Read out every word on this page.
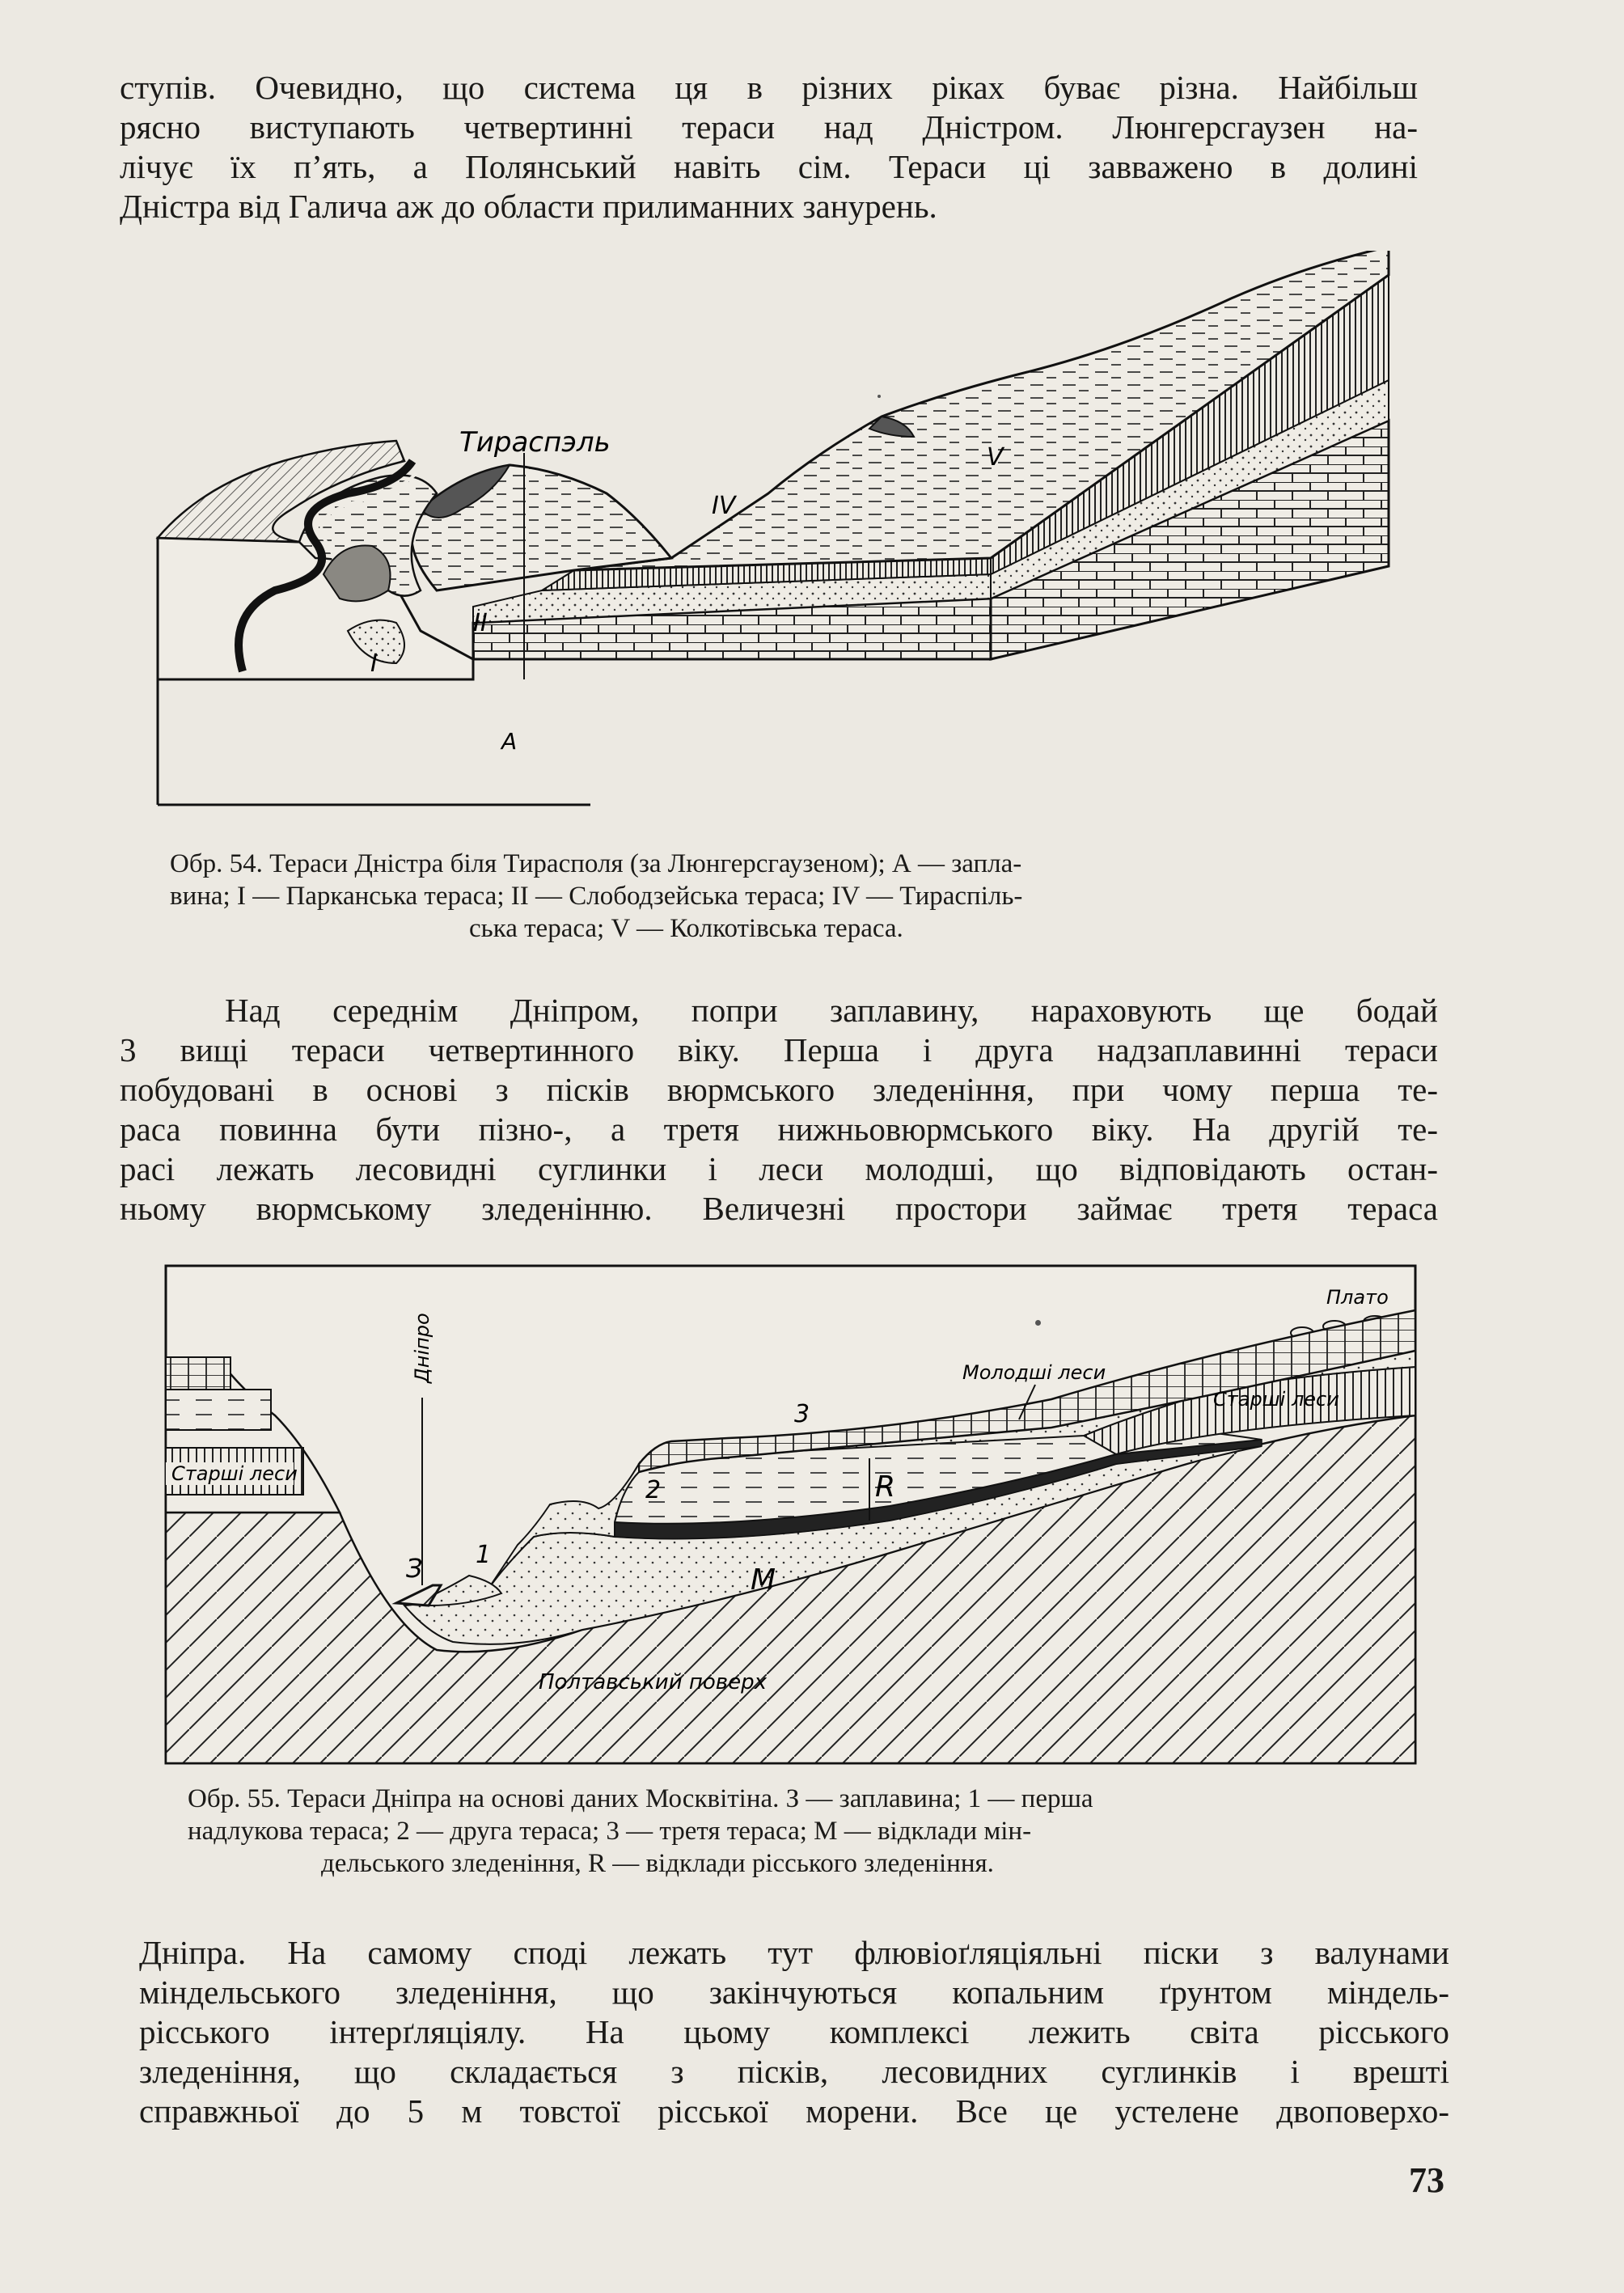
ступів. Очевидно, що система ця в різних ріках буває різна. Найбільш
рясно виступають четвертинні тераси над Дністром. Люнгерсгаузен на-
лічує їх п’ять, а Полянський навіть сім. Тераси ці завважено в долині
Дністра від Галича аж до области прилиманних занурень.
Тираспэль	V
IV
II
I
A

Обр. 54. Тераси Дністра біля Тирасполя (за Люнгерсгаузеном); А — запла-
вина; I — Парканська тераса; II — Слободзейська тераса; IV — Тираспіль-
ська тераса; V — Колкотівська тераса.

Над середнім Дніпром, попри заплавину, нараховують ще бодай
3 вищі тераси четвертинного віку. Перша і друга надзаплавинні тераси
побудовані в основі з пісків вюрмського зледеніння, при чому перша те-
раса повинна бути пізно-, а третя нижньовюрмського віку. На другій те-
расі лежать лесовидні суглинки і леси молодші, що відповідають остан-
ньому вюрмському зледенінню. Величезні простори займає третя тераса
Плато
Молодші леси
Старші леси
Старші леси
Дніпро
З 1
2
3
R
M
Полтавський поверх

Обр. 55. Тераси Дніпра на основі даних Москвітіна. З — заплавина; 1 — перша
надлукова тераса; 2 — друга тераса; 3 — третя тераса; М — відклади мін-
дельського зледеніння, R — відклади рісського зледеніння.

Дніпра. На самому споді лежать тут флювіоґляціяльні піски з валунами
міндельського зледеніння, що закінчуються копальним ґрунтом міндель-
рісського інтерґляціялу. На цьому комплексі лежить світа рісського
зледеніння, що складається з пісків, лесовидних суглинків і врешті
справжньої до 5 м товстої рісської морени. Все це устелене двоповерхо-
73
